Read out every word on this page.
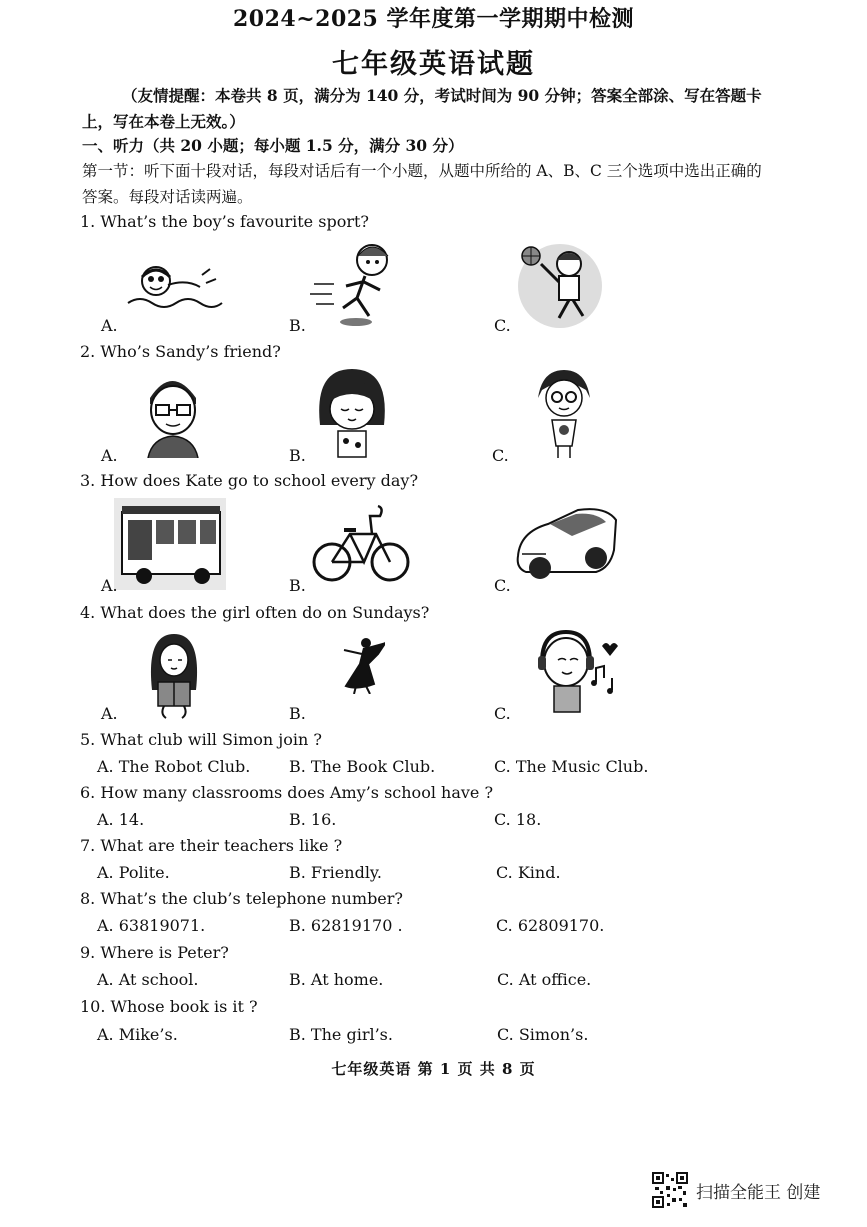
2024~2025 学年度第一学期期中检测
七年级英语试题
（友情提醒：本卷共 8 页，满分为 140 分，考试时间为 90 分钟；答案全部涂、写在答题卡上，写在本卷上无效。）
一、听力（共 20 小题；每小题 1.5 分，满分 30 分）
第一节：听下面十段对话，每段对话后有一个小题，从题中所给的 A、B、C 三个选项中选出正确的答案。每段对话读两遍。
1. What’s the boy’s favourite sport?
A.	B.	C.
2. Who’s Sandy’s friend?
A.	B.	C.
3. How does Kate go to school every day?
A.	B.	C.
4. What does the girl often do on Sundays?
A.	B.	C.
5. What club will Simon join ?
A. The Robot Club. B. The Book Club.	C. The Music Club.
6. How many classrooms does Amy’s school have ?
A. 14.	B. 16.	C. 18.
7. What are their teachers like ?
A. Polite.	B. Friendly.	C. Kind.
8. What’s the club’s telephone number?
A. 63819071.	B. 62819170 .	C. 62809170.
9. Where is Peter?
A. At school.	B. At home.	C. At office.
10. Whose book is it ?
A. Mike’s.	B. The girl’s.	C. Simon’s.
七年级英语 第 1 页 共 8 页
扫描全能王 创建
